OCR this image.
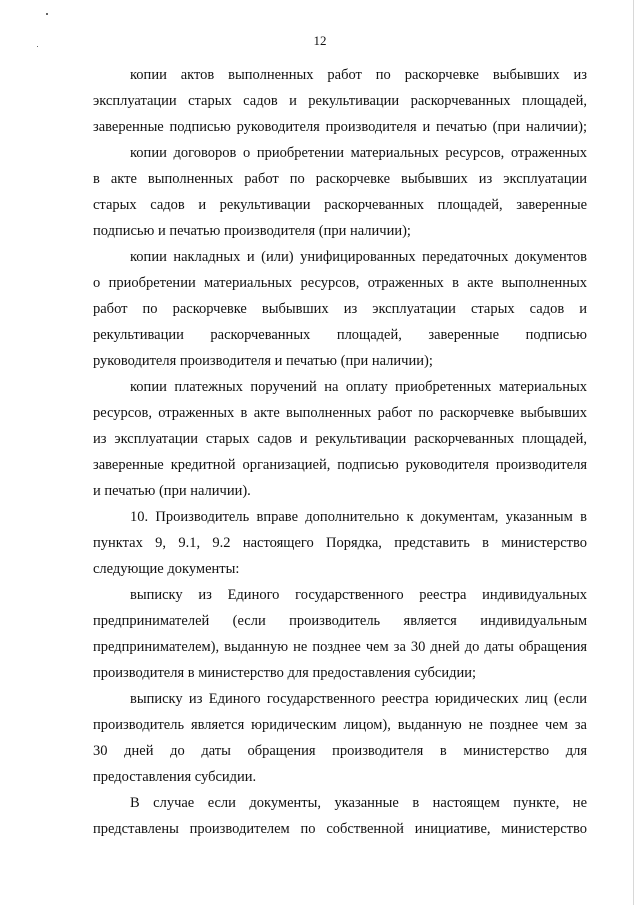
12
копии актов выполненных работ по раскорчевке выбывших из
эксплуатации старых садов и рекультивации раскорчеванных площадей,
заверенные подписью руководителя производителя и печатью (при наличии);
копии договоров о приобретении материальных ресурсов, отраженных
в акте выполненных работ по раскорчевке выбывших из эксплуатации
старых садов и рекультивации раскорчеванных площадей, заверенные
подписью и печатью производителя (при наличии);
копии накладных и (или) унифицированных передаточных документов
о приобретении материальных ресурсов, отраженных в акте выполненных
работ по раскорчевке выбывших из эксплуатации старых садов и
рекультивации раскорчеванных площадей, заверенные подписью
руководителя производителя и печатью (при наличии);
копии платежных поручений на оплату приобретенных материальных
ресурсов, отраженных в акте выполненных работ по раскорчевке выбывших
из эксплуатации старых садов и рекультивации раскорчеванных площадей,
заверенные кредитной организацией, подписью руководителя производителя
и печатью (при наличии).
10. Производитель вправе дополнительно к документам, указанным в
пунктах 9, 9.1, 9.2 настоящего Порядка, представить в министерство
следующие документы:
выписку из Единого государственного реестра индивидуальных
предпринимателей (если производитель является индивидуальным
предпринимателем), выданную не позднее чем за 30 дней до даты обращения
производителя в министерство для предоставления субсидии;
выписку из Единого государственного реестра юридических лиц (если
производитель является юридическим лицом), выданную не позднее чем за
30 дней до даты обращения производителя в министерство для
предоставления субсидии.
В случае если документы, указанные в настоящем пункте, не
представлены производителем по собственной инициативе, министерство
